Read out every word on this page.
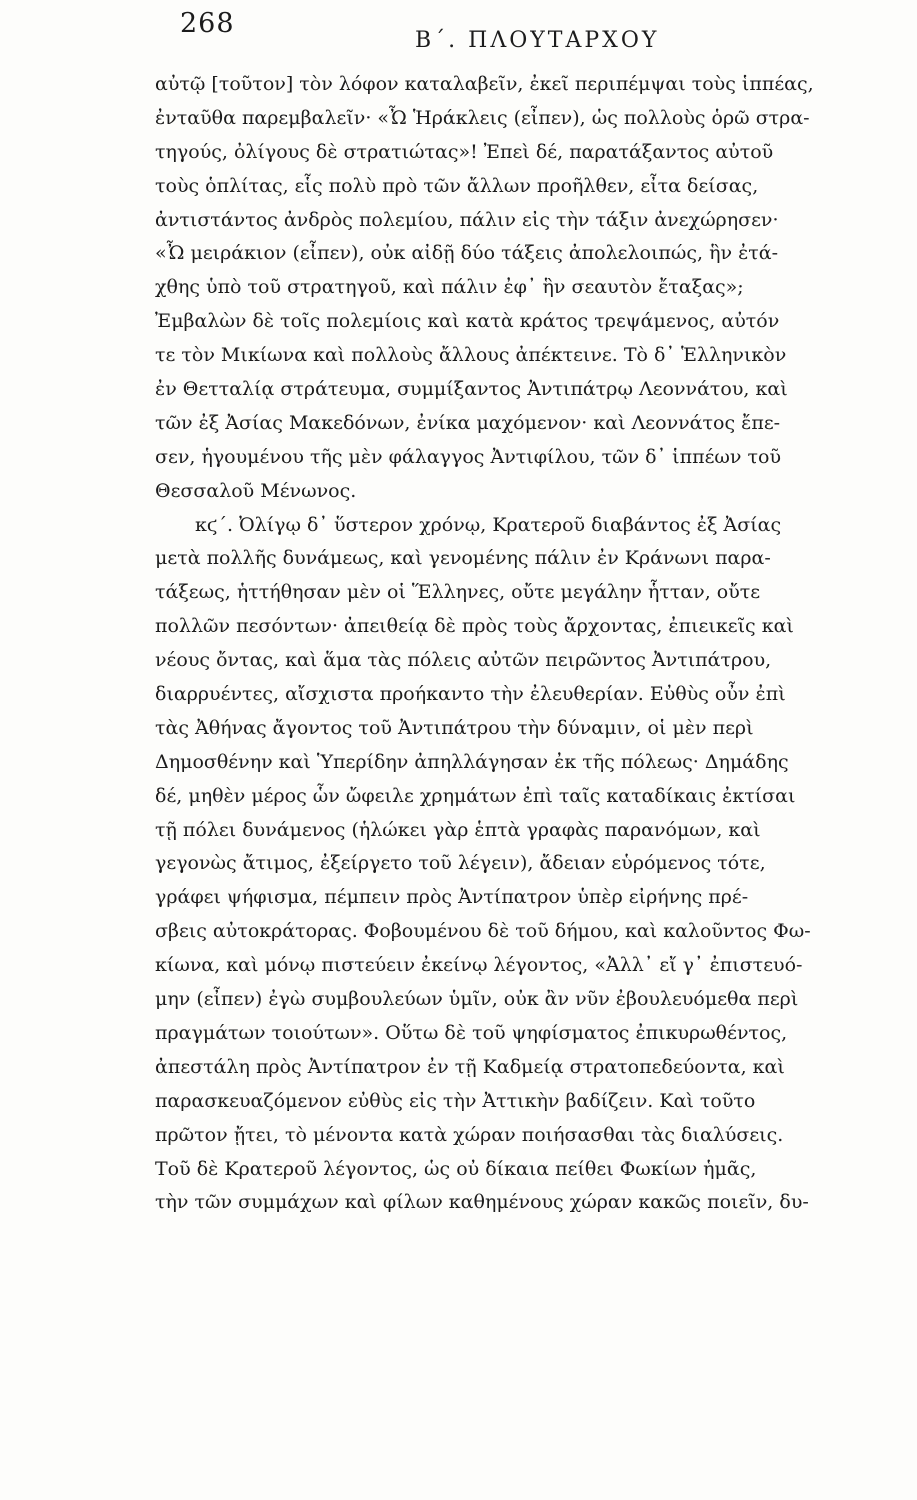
268
Β΄. ΠΛΟΥΤΑΡΧΟΥ
αὐτῷ [τοῦτον] τὸν λόφον καταλαβεῖν, ἐκεῖ περιπέμψαι τοὺς ἱππέας,
ἐνταῦθα παρεμβαλεῖν· «Ὦ Ἡράκλεις (εἶπεν), ὡς πολλοὺς ὁρῶ στρα-
τηγούς, ὀλίγους δὲ στρατιώτας»! Ἐπεὶ δέ, παρατάξαντος αὐτοῦ
τοὺς ὁπλίτας, εἷς πολὺ πρὸ τῶν ἄλλων προῆλθεν, εἶτα δείσας,
ἀντιστάντος ἀνδρὸς πολεμίου, πάλιν εἰς τὴν τάξιν ἀνεχώρησεν·
«Ὦ μειράκιον (εἶπεν), οὐκ αἰδῇ δύο τάξεις ἀπολελοιπώς, ἣν ἐτά-
χθης ὑπὸ τοῦ στρατηγοῦ, καὶ πάλιν ἐφ᾽ ἣν σεαυτὸν ἔταξας»;
Ἐμβαλὼν δὲ τοῖς πολεμίοις καὶ κατὰ κράτος τρεψάμενος, αὐτόν
τε τὸν Μικίωνα καὶ πολλοὺς ἄλλους ἀπέκτεινε. Τὸ δ᾽ Ἑλληνικὸν
ἐν Θετταλίᾳ στράτευμα, συμμίξαντος Ἀντιπάτρῳ Λεοννάτου, καὶ
τῶν ἐξ Ἀσίας Μακεδόνων, ἐνίκα μαχόμενον· καὶ Λεοννάτος ἔπε-
σεν, ἡγουμένου τῆς μὲν φάλαγγος Ἀντιφίλου, τῶν δ᾽ ἱππέων τοῦ
Θεσσαλοῦ Μένωνος.
κϛ΄. Ὀλίγῳ δ᾽ ὕστερον χρόνῳ, Κρατεροῦ διαβάντος ἐξ Ἀσίας
μετὰ πολλῆς δυνάμεως, καὶ γενομένης πάλιν ἐν Κράνωνι παρα-
τάξεως, ἡττήθησαν μὲν οἱ Ἕλληνες, οὔτε μεγάλην ἧτταν, οὔτε
πολλῶν πεσόντων· ἀπειθείᾳ δὲ πρὸς τοὺς ἄρχοντας, ἐπιεικεῖς καὶ
νέους ὄντας, καὶ ἅμα τὰς πόλεις αὐτῶν πειρῶντος Ἀντιπάτρου,
διαρρυέντες, αἴσχιστα προήκαντο τὴν ἐλευθερίαν. Εὐθὺς οὖν ἐπὶ
τὰς Ἀθήνας ἄγοντος τοῦ Ἀντιπάτρου τὴν δύναμιν, οἱ μὲν περὶ
Δημοσθένην καὶ Ὑπερίδην ἀπηλλάγησαν ἐκ τῆς πόλεως· Δημάδης
δέ, μηθὲν μέρος ὧν ὤφειλε χρημάτων ἐπὶ ταῖς καταδίκαις ἐκτίσαι
τῇ πόλει δυνάμενος (ἡλώκει γὰρ ἑπτὰ γραφὰς παρανόμων, καὶ
γεγονὼς ἄτιμος, ἐξείργετο τοῦ λέγειν), ἄδειαν εὑρόμενος τότε,
γράφει ψήφισμα, πέμπειν πρὸς Ἀντίπατρον ὑπὲρ εἰρήνης πρέ-
σβεις αὐτοκράτορας. Φοβουμένου δὲ τοῦ δήμου, καὶ καλοῦντος Φω-
κίωνα, καὶ μόνῳ πιστεύειν ἐκείνῳ λέγοντος, «Ἀλλ᾽ εἴ γ᾽ ἐπιστευό-
μην (εἶπεν) ἐγὼ συμβουλεύων ὑμῖν, οὐκ ἂν νῦν ἐβουλευόμεθα περὶ
πραγμάτων τοιούτων». Οὕτω δὲ τοῦ ψηφίσματος ἐπικυρωθέντος,
ἀπεστάλη πρὸς Ἀντίπατρον ἐν τῇ Καδμείᾳ στρατοπεδεύοντα, καὶ
παρασκευαζόμενον εὐθὺς εἰς τὴν Ἀττικὴν βαδίζειν. Καὶ τοῦτο
πρῶτον ᾔτει, τὸ μένοντα κατὰ χώραν ποιήσασθαι τὰς διαλύσεις.
Τοῦ δὲ Κρατεροῦ λέγοντος, ὡς οὐ δίκαια πείθει Φωκίων ἡμᾶς,
τὴν τῶν συμμάχων καὶ φίλων καθημένους χώραν κακῶς ποιεῖν, δυ-
